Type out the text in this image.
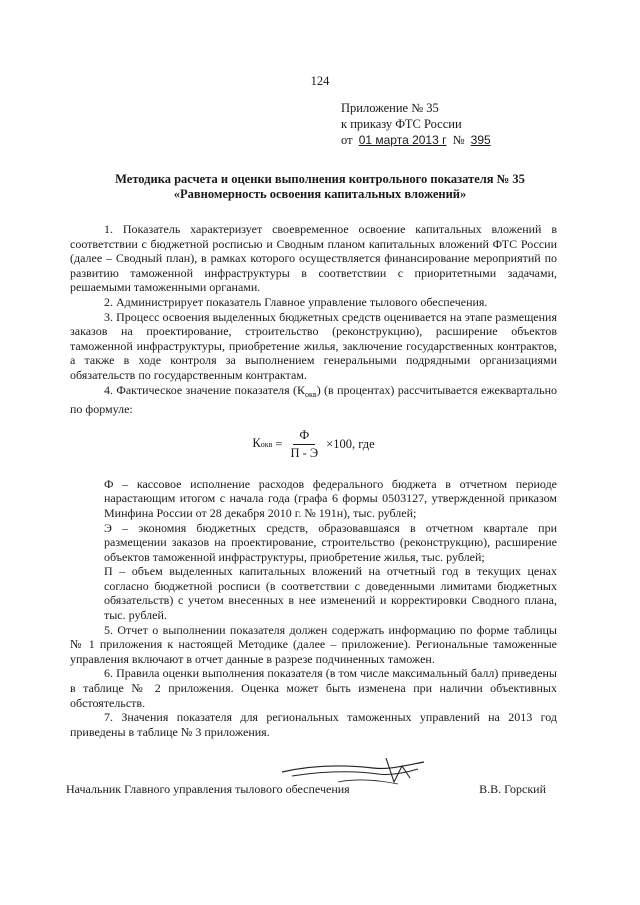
124
Приложение № 35
к приказу ФТС России
от 01 марта 2013 г № 395
Методика расчета и оценки выполнения контрольного показателя № 35
«Равномерность освоения капитальных вложений»

1. Показатель характеризует своевременное освоение капитальных вложений в соответствии с бюджетной росписью и Сводным планом капитальных вложений ФТС России (далее – Сводный план), в рамках которого осуществляется финансирование мероприятий по развитию таможенной инфраструктуры в соответствии с приоритетными задачами, решаемыми таможенными органами.

2. Администрирует показатель Главное управление тылового обеспечения.

3. Процесс освоения выделенных бюджетных средств оценивается на этапе размещения заказов на проектирование, строительство (реконструкцию), расширение объектов таможенной инфраструктуры, приобретение жилья, заключение государственных контрактов, а также в ходе контроля за выполнением генеральными подрядными организациями обязательств по государственным контрактам.

4. Фактическое значение показателя $(К_{окв})$ (в процентах) рассчитывается ежеквартально по формуле:

К окв = $\frac{Ф}{П - Э} \times 100$, где

Ф – кассовое исполнение расходов федерального бюджета в отчетном периоде нарастающим итогом с начала года (графа 6 формы 0503127, утвержденной приказом Минфина России от 28 декабря 2010 г. № 191н), тыс. рублей;

Э – экономия бюджетных средств, образовавшаяся в отчетном квартале при размещении заказов на проектирование, строительство (реконструкцию), расширение объектов таможенной инфраструктуры, приобретение жилья, тыс. рублей;

П – объем выделенных капитальных вложений на отчетный год в текущих ценах согласно бюджетной росписи (в соответствии с доведенными лимитами бюджетных обязательств) с учетом внесенных в нее изменений и корректировки Сводного плана, тыс. рублей.

5. Отчет о выполнении показателя должен содержать информацию по форме таблицы № 1 приложения к настоящей Методике (далее – приложение). Региональные таможенные управления включают в отчет данные в разрезе подчиненных таможен.

6. Правила оценки выполнения показателя (в том числе максимальный балл) приведены в таблице № 2 приложения. Оценка может быть изменена при наличии объективных обстоятельств.

7. Значения показателя для региональных таможенных управлений на 2013 год приведены в таблице № 3 приложения.

Начальник Главного управления тылового обеспечения	В.В. Горский
